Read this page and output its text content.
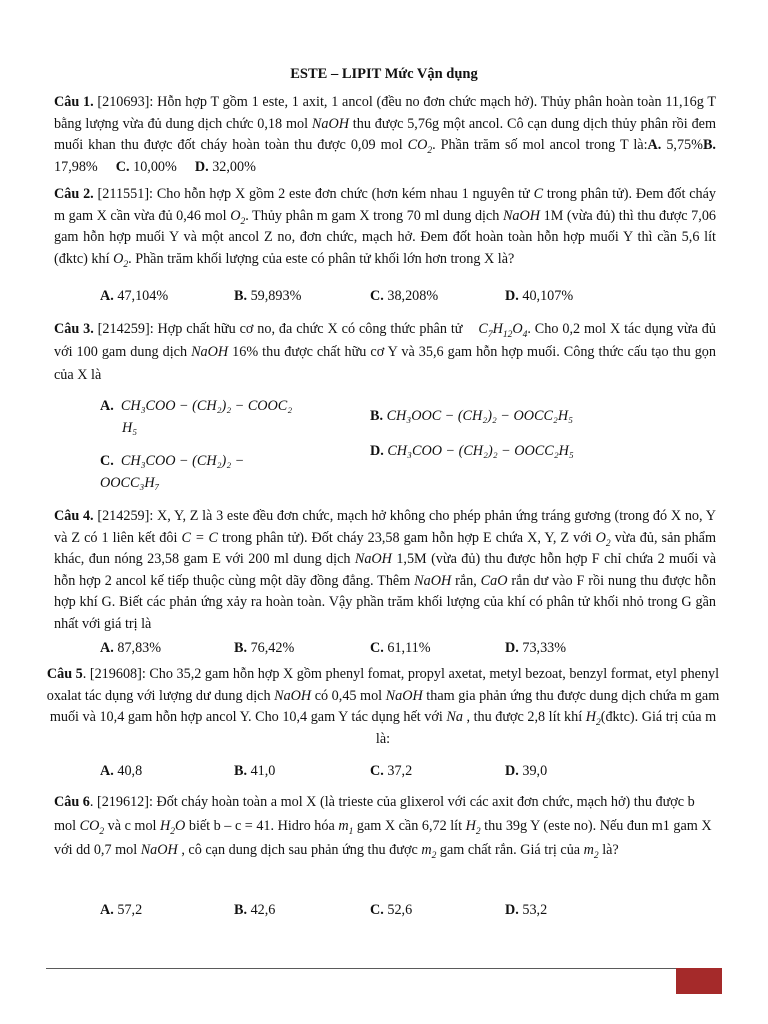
ESTE – LIPIT Mức Vận dụng
Câu 1. [210693]: Hỗn hợp T gồm 1 este, 1 axit, 1 ancol (đều no đơn chức mạch hở). Thủy phân hoàn toàn 11,16g T bằng lượng vừa đủ dung dịch chức 0,18 mol NaOH thu được 5,76g một ancol. Cô cạn dung dịch thủy phân rồi đem muối khan thu được đốt cháy hoàn toàn thu được 0,09 mol $CO_2$. Phần trăm số mol ancol trong T là:A. 5,75%B. 17,98% C. 10,00% D. 32,00%
Câu 2. [211551]: Cho hỗn hợp X gồm 2 este đơn chức (hơn kém nhau 1 nguyên tử C trong phân tử). Đem đốt cháy m gam X cần vừa đủ 0,46 mol $O_2$. Thủy phân m gam X trong 70 ml dung dịch NaOH 1M (vừa đủ) thì thu được 7,06 gam hỗn hợp muối Y và một ancol Z no, đơn chức, mạch hở. Đem đốt hoàn toàn hỗn hợp muối Y thì cần 5,6 lít (đktc) khí $O_2$. Phần trăm khối lượng của este có phân tử khối lớn hơn trong X là?
A. 47,104%	B. 59,893%	C. 38,208%	D. 40,107%
Câu 3. [214259]: Hợp chất hữu cơ no, đa chức X có công thức phân tử $C_7H_{12}O_4$. Cho 0,2 mol X tác dụng vừa đủ với 100 gam dung dịch NaOH 16% thu được chất hữu cơ Y và 35,6 gam hỗn hợp muối. Công thức cấu tạo thu gọn của X là
A. CH₃COO − (CH₂)₂ − COOC₂
H₅
B. CH₃OOC − (CH₂)₂ − OOCC₂H₅
C. CH₃COO − (CH₂)₂ −
OOCC₃H₇
D. CH₃COO − (CH₂)₂ − OOCC₂H₅
Câu 4. [214259]: X, Y, Z là 3 este đều đơn chức, mạch hở không cho phép phản ứng tráng gương (trong đó X no, Y và Z có 1 liên kết đôi C = C trong phân tử). Đốt cháy 23,58 gam hỗn hợp E chứa X, Y, Z với $O_2$ vừa đủ, sản phẩm khác, đun nóng 23,58 gam E với 200 ml dung dịch NaOH 1,5M (vừa đủ) thu được hỗn hợp F chỉ chứa 2 muối và hỗn hợp 2 ancol kế tiếp thuộc cùng một dãy đồng đẳng. Thêm NaOH rắn, CaO rắn dư vào F rồi nung thu được hỗn hợp khí G. Biết các phản ứng xảy ra hoàn toàn. Vậy phần trăm khối lượng của khí có phân tử khối nhỏ trong G gần nhất với giá trị là
A. 87,83%	B. 76,42%	C. 61,11%	D. 73,33%
Câu 5. [219608]: Cho 35,2 gam hỗn hợp X gồm phenyl fomat, propyl axetat, metyl bezoat, benzyl format, etyl phenyl oxalat tác dụng với lượng dư dung dịch NaOH có 0,45 mol NaOH tham gia phản ứng thu được dung dịch chứa m gam muối và 10,4 gam hỗn hợp ancol Y. Cho 10,4 gam Y tác dụng hết với Na , thu được 2,8 lít khí $H_2(đktc)$. Giá trị của m là:
A. 40,8	B. 41,0	C. 37,2	D. 39,0
Câu 6. [219612]: Đốt cháy hoàn toàn a mol X (là trieste của glixerol với các axit đơn chức, mạch hở) thu được b mol $CO_2$ và c mol $H_2O$ biết b – c = 41. Hidro hóa $m_1$ gam X cần 6,72 lít $H_2$ thu 39g Y (este no). Nếu đun m1 gam X với dd 0,7 mol NaOH , cô cạn dung dịch sau phản ứng thu được $m_2$ gam chất rắn. Giá trị của $m_2$ là?
A. 57,2	B. 42,6	C. 52,6	D. 53,2
